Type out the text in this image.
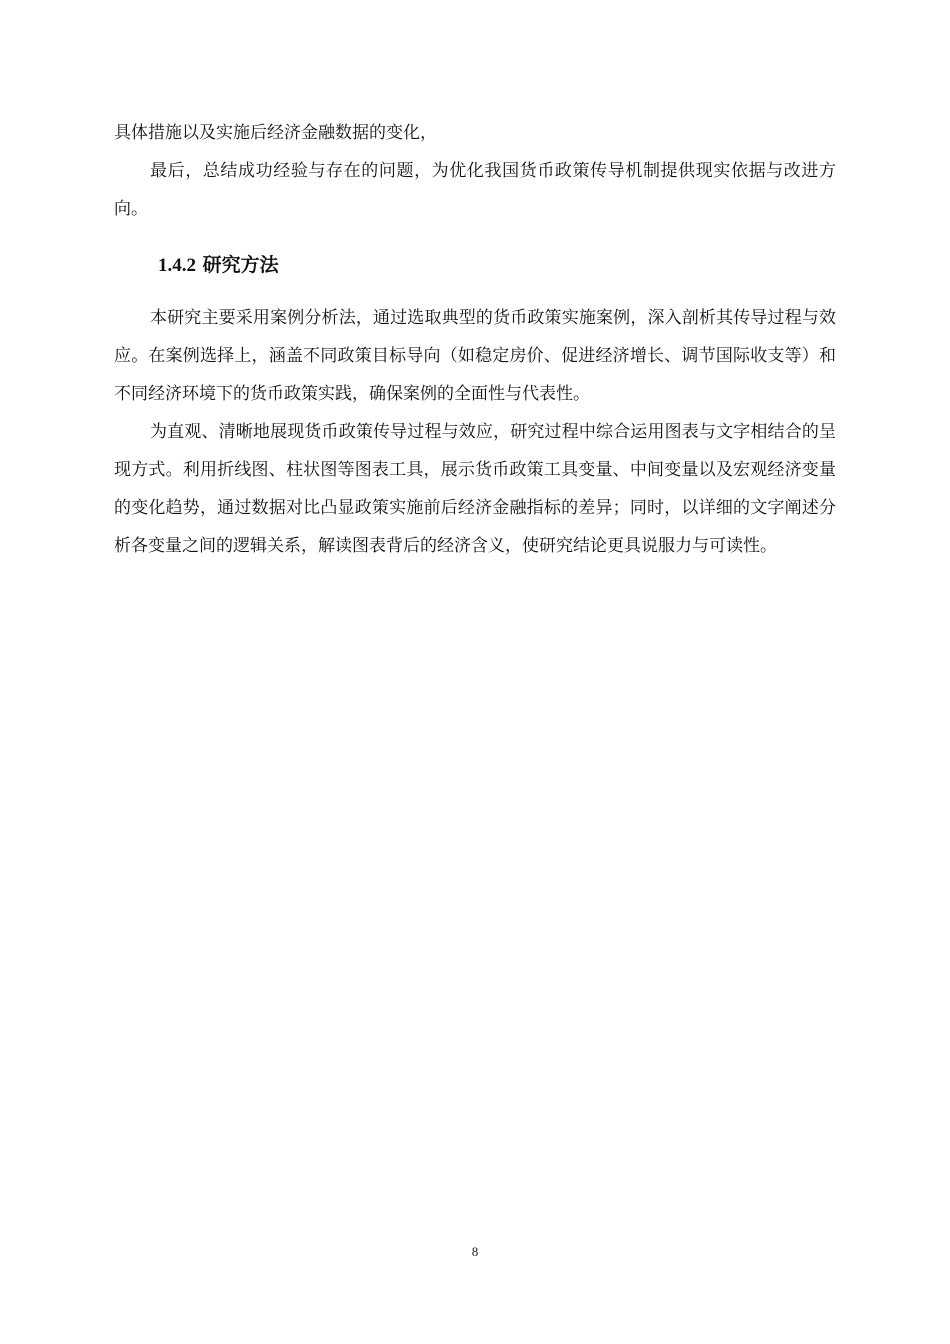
具体措施以及实施后经济金融数据的变化，

最后，总结成功经验与存在的问题，为优化我国货币政策传导机制提供现实依据与改进方向。

1.4.2 研究方法

本研究主要采用案例分析法，通过选取典型的货币政策实施案例，深入剖析其传导过程与效应。在案例选择上，涵盖不同政策目标导向（如稳定房价、促进经济增长、调节国际收支等）和不同经济环境下的货币政策实践，确保案例的全面性与代表性。

为直观、清晰地展现货币政策传导过程与效应，研究过程中综合运用图表与文字相结合的呈现方式。利用折线图、柱状图等图表工具，展示货币政策工具变量、中间变量以及宏观经济变量的变化趋势，通过数据对比凸显政策实施前后经济金融指标的差异；同时，以详细的文字阐述分析各变量之间的逻辑关系，解读图表背后的经济含义，使研究结论更具说服力与可读性。

8
